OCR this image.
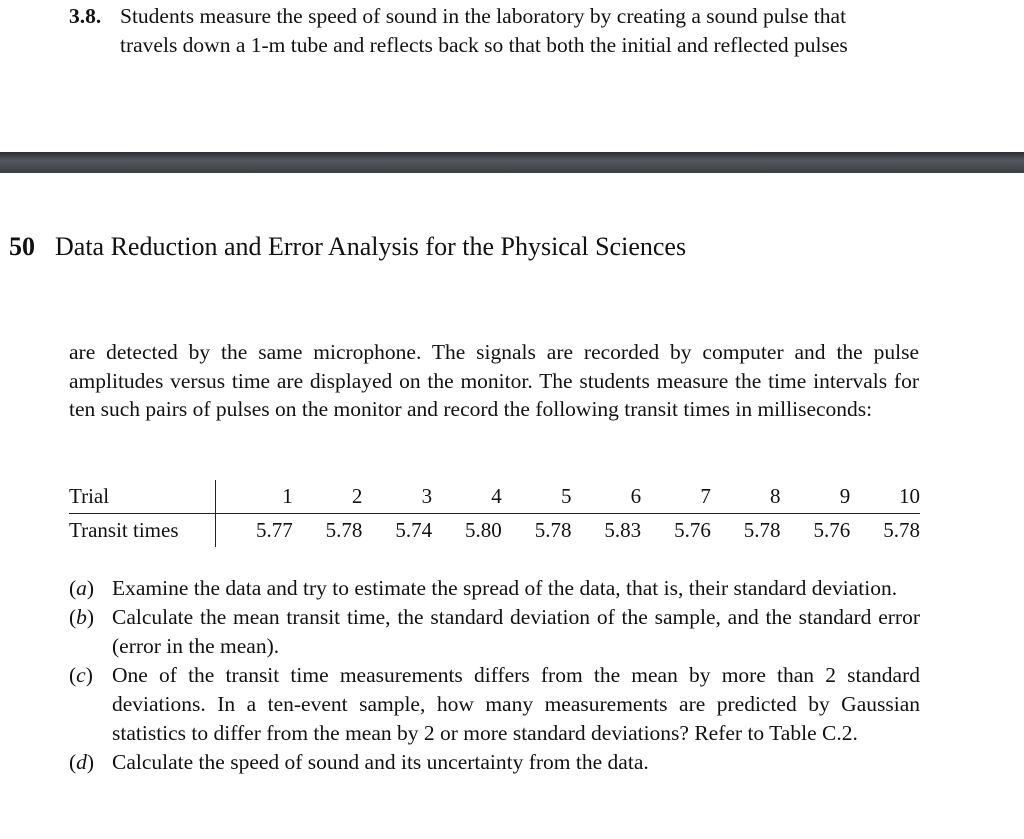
3.8. Students measure the speed of sound in the laboratory by creating a sound pulse that
travels down a 1-m tube and reflects back so that both the initial and reflected pulses
50 Data Reduction and Error Analysis for the Physical Sciences
are detected by the same microphone. The signals are recorded by computer and the pulse amplitudes versus time are displayed on the monitor. The students measure the time intervals for ten such pairs of pulses on the monitor and record the following transit times in milliseconds:
Trial		1	2	3	4	5	6	7	8	9	10
Transit times		5.77	5.78	5.74	5.80	5.78	5.83	5.76	5.78	5.76	5.78
(a) Examine the data and try to estimate the spread of the data, that is, their standard deviation.
(b) Calculate the mean transit time, the standard deviation of the sample, and the standard error (error in the mean).
(c) One of the transit time measurements differs from the mean by more than 2 standard deviations. In a ten-event sample, how many measurements are predicted by Gaussian statistics to differ from the mean by 2 or more standard deviations? Refer to Table C.2.
(d) Calculate the speed of sound and its uncertainty from the data.
